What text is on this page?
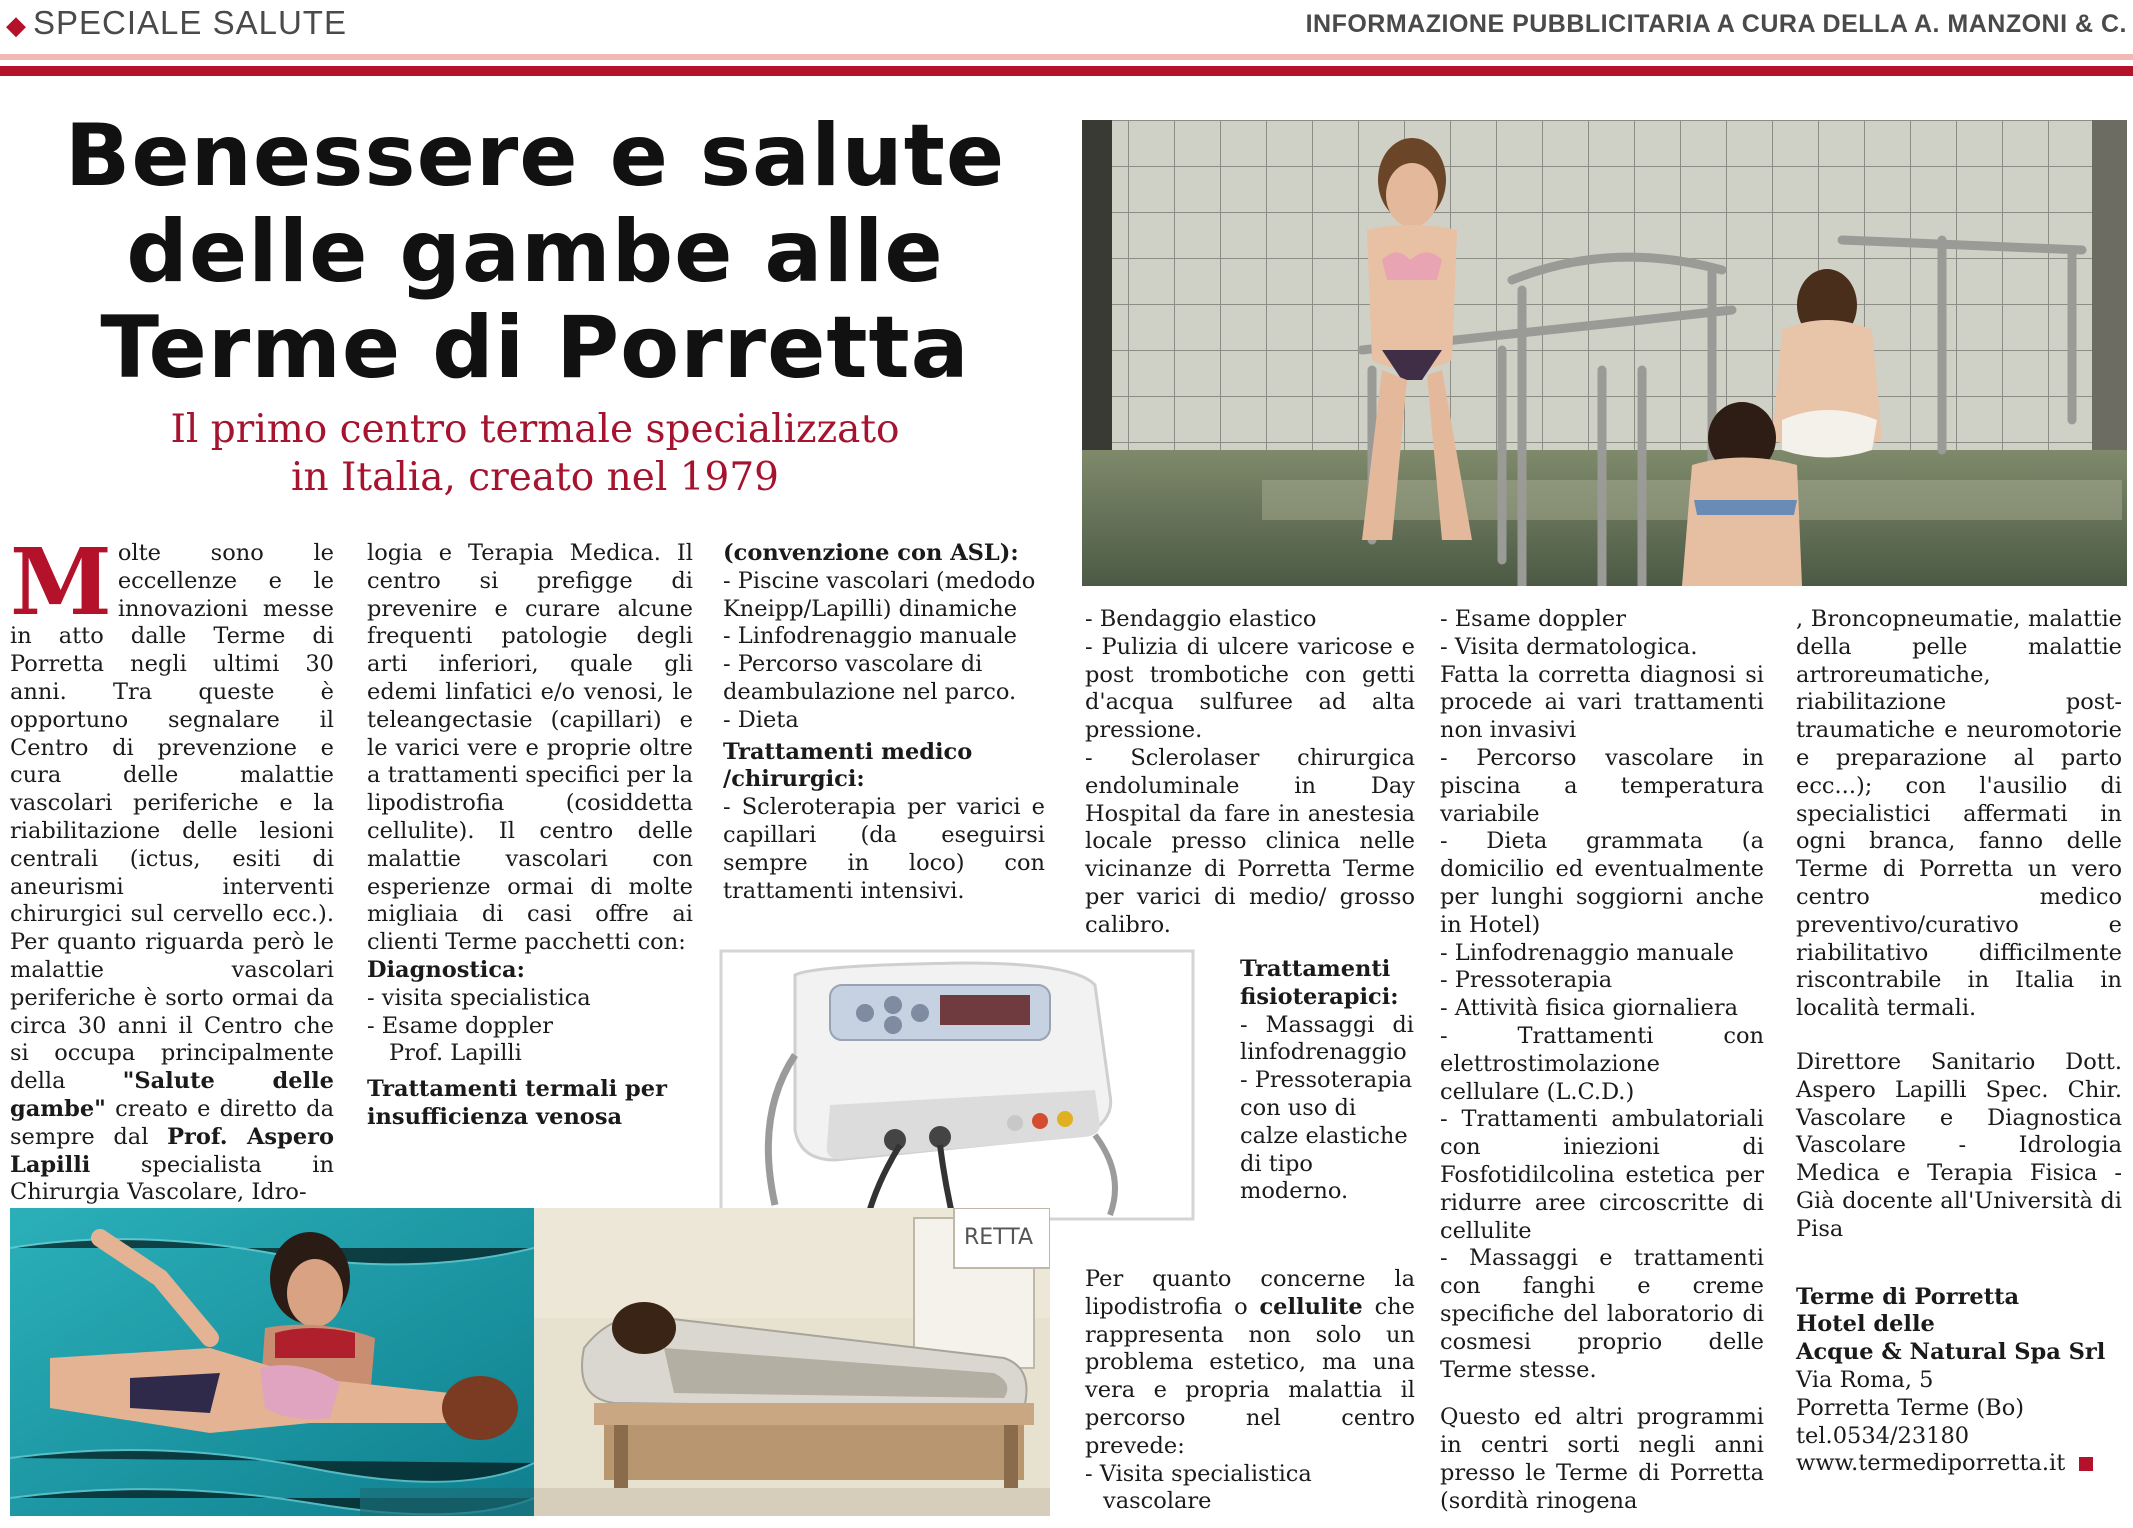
◆ SPECIALE SALUTE	INFORMAZIONE PUBBLICITARIA A CURA DELLA A. MANZONI & C.
Benessere e salute
delle gambe alle
Terme di Porretta
Il primo centro termale specializzato
in Italia, creato nel 1979
M olte sono le eccellenze e le innovazioni messe in atto dalle Terme di Porretta negli ultimi 30 anni. Tra queste è opportuno segnalare il Centro di prevenzione e cura delle malattie vascolari periferiche e la riabilitazione delle lesioni centrali (ictus, esiti di aneurismi interventi chirurgici sul cervello ecc.). Per quanto riguarda però le malattie vascolari periferiche è sorto ormai da circa 30 anni il Centro che si occupa principalmente della "Salute delle gambe" creato e diretto da sempre dal Prof. Aspero Lapilli specialista in Chirurgia Vascolare, Idro-

logia e Terapia Medica. Il centro si prefigge di prevenire e curare alcune frequenti patologie degli arti inferiori, quale gli edemi linfatici e/o venosi, le teleangectasie (capillari) e le varici vere e proprie oltre a trattamenti specifici per la lipodistrofia (cosiddetta cellulite). Il centro delle malattie vascolari con esperienze ormai di molte migliaia di casi offre ai clienti Terme pacchetti con:

Diagnostica:

- visita specialistica

- Esame doppler

Prof. Lapilli

Trattamenti termali per insufficienza venosa

(convenzione con ASL):

- Piscine vascolari (medodo Kneipp/Lapilli) dinamiche

- Linfodrenaggio manuale

- Percorso vascolare di deambulazione nel parco.

- Dieta

Trattamenti medico /chirurgici:

- Scleroterapia per varici e capillari (da eseguirsi sempre in loco) con trattamenti intensivi.

- Bendaggio elastico

- Pulizia di ulcere varicose e post trombotiche con getti d'acqua sulfuree ad alta pressione.

- Sclerolaser chirurgica endoluminale in Day Hospital da fare in anestesia locale presso clinica nelle vicinanze di Porretta Terme per varici di medio/ grosso calibro.

Trattamenti fisioterapici:

- Massaggi di linfodrenaggio

- Pressoterapia con uso di calze elastiche di tipo moderno.

Per quanto concerne la lipodistrofia o cellulite che rappresenta non solo un problema estetico, ma una vera e propria malattia il percorso nel centro prevede:

- Visita specialistica

vascolare

- Esame doppler

- Visita dermatologica.

Fatta la corretta diagnosi si procede ai vari trattamenti non invasivi

- Percorso vascolare in piscina a temperatura variabile

- Dieta grammata (a domicilio ed eventualmente per lunghi soggiorni anche in Hotel)

- Linfodrenaggio manuale

- Pressoterapia

- Attività fisica giornaliera

- Trattamenti con elettrostimolazione cellulare (L.C.D.)

- Trattamenti ambulatoriali con iniezioni di Fosfotidilcolina estetica per ridurre aree circoscritte di cellulite

- Massaggi e trattamenti con fanghi e creme specifiche del laboratorio di cosmesi proprio delle Terme stesse.

Questo ed altri programmi in centri sorti negli anni presso le Terme di Porretta (sordità rinogena

, Broncopneumatie, malattie della pelle malattie artroreumatiche, riabilitazione post-traumatiche e neuromotorie e preparazione al parto ecc...); con l'ausilio di specialistici affermati in ogni branca, fanno delle Terme di Porretta un vero centro medico preventivo/curativo e riabilitativo difficilmente riscontrabile in Italia in località termali.

Direttore Sanitario Dott. Aspero Lapilli Spec. Chir. Vascolare e Diagnostica Vascolare - Idrologia Medica e Terapia Fisica - Già docente all'Università di Pisa

Terme di Porretta

Hotel delle

Acque & Natural Spa Srl

Via Roma, 5

Porretta Terme (Bo)

tel.0534/23180

www.termediporretta.it

RETTA
